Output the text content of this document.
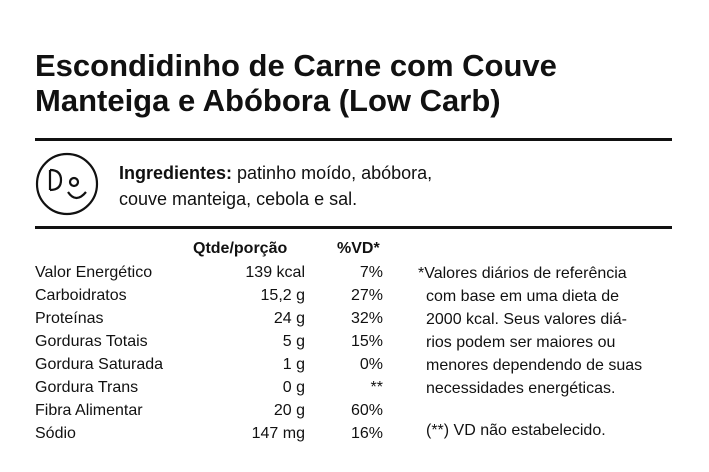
Escondidinho de Carne com Couve
Manteiga e Abóbora (Low Carb)
Ingredientes: patinho moído, abóbora,
couve manteiga, cebola e sal.
Qtde/porção	%VD*
Valor Energético	139 kcal	7%
Carboidratos	15,2 g	27%
Proteínas	24 g	32%
Gorduras Totais	5 g	15%
Gordura Saturada	1 g	0%
Gordura Trans	0 g	**
Fibra Alimentar	20 g	60%
Sódio	147 mg	16%
*Valores diários de referência
com base em uma dieta de
2000 kcal. Seus valores diá-
rios podem ser maiores ou
menores dependendo de suas
necessidades energéticas.
(**) VD não estabelecido.
